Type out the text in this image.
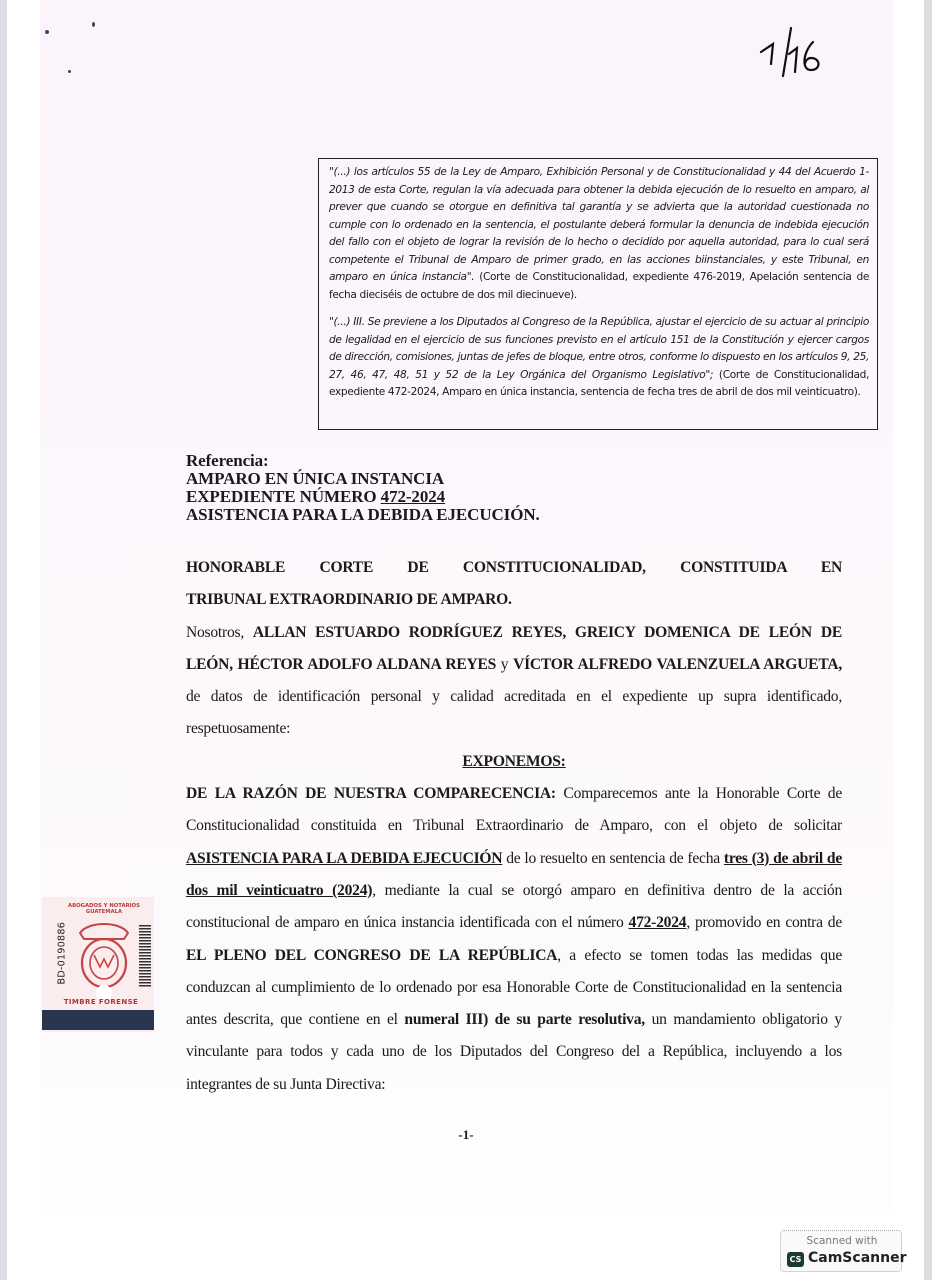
"(...) los artículos 55 de la Ley de Amparo, Exhibición Personal y de Constitucionalidad y 44 del Acuerdo 1-2013 de esta Corte, regulan la vía adecuada para obtener la debida ejecución de lo resuelto en amparo, al prever que cuando se otorgue en definitiva tal garantía y se advierta que la autoridad cuestionada no cumple con lo ordenado en la sentencia, el postulante deberá formular la denuncia de indebida ejecución del fallo con el objeto de lograr la revisión de lo hecho o decidido por aquella autoridad, para lo cual será competente el Tribunal de Amparo de primer grado, en las acciones biinstanciales, y este Tribunal, en amparo en única instancia". (Corte de Constitucionalidad, expediente 476-2019, Apelación sentencia de fecha dieciséis de octubre de dos mil diecinueve).

"(...) III. Se previene a los Diputados al Congreso de la República, ajustar el ejercicio de su actuar al principio de legalidad en el ejercicio de sus funciones previsto en el artículo 151 de la Constitución y ejercer cargos de dirección, comisiones, juntas de jefes de bloque, entre otros, conforme lo dispuesto en los artículos 9, 25, 27, 46, 47, 48, 51 y 52 de la Ley Orgánica del Organismo Legislativo"; (Corte de Constitucionalidad, expediente 472-2024, Amparo en única instancia, sentencia de fecha tres de abril de dos mil veinticuatro).

Referencia:
AMPARO EN ÚNICA INSTANCIA
EXPEDIENTE NÚMERO 472-2024
ASISTENCIA PARA LA DEBIDA EJECUCIÓN.

HONORABLE CORTE DE CONSTITUCIONALIDAD, CONSTITUIDA EN

TRIBUNAL EXTRAORDINARIO DE AMPARO.

Nosotros, ALLAN ESTUARDO RODRÍGUEZ REYES, GREICY DOMENICA DE LEÓN DE LEÓN, HÉCTOR ADOLFO ALDANA REYES y VÍCTOR ALFREDO VALENZUELA ARGUETA, de datos de identificación personal y calidad acreditada en el expediente up supra identificado, respetuosamente:

EXPONEMOS:

DE LA RAZÓN DE NUESTRA COMPARECENCIA: Comparecemos ante la Honorable Corte de Constitucionalidad constituida en Tribunal Extraordinario de Amparo, con el objeto de solicitar ASISTENCIA PARA LA DEBIDA EJECUCIÓN de lo resuelto en sentencia de fecha tres (3) de abril de dos mil veinticuatro (2024), mediante la cual se otorgó amparo en definitiva dentro de la acción constitucional de amparo en única instancia identificada con el número 472-2024, promovido en contra de EL PLENO DEL CONGRESO DE LA REPÚBLICA, a efecto se tomen todas las medidas que conduzcan al cumplimiento de lo ordenado por esa Honorable Corte de Constitucionalidad en la sentencia antes descrita, que contiene en el numeral III) de su parte resolutiva, un mandamiento obligatorio y vinculante para todos y cada uno de los Diputados del Congreso del a República, incluyendo a los integrantes de su Junta Directiva:

ABOGADOS Y NOTARIOS GUATEMALA
BD-0190886
TIMBRE FORENSE
-1-
Scanned with
CS CamScanner
